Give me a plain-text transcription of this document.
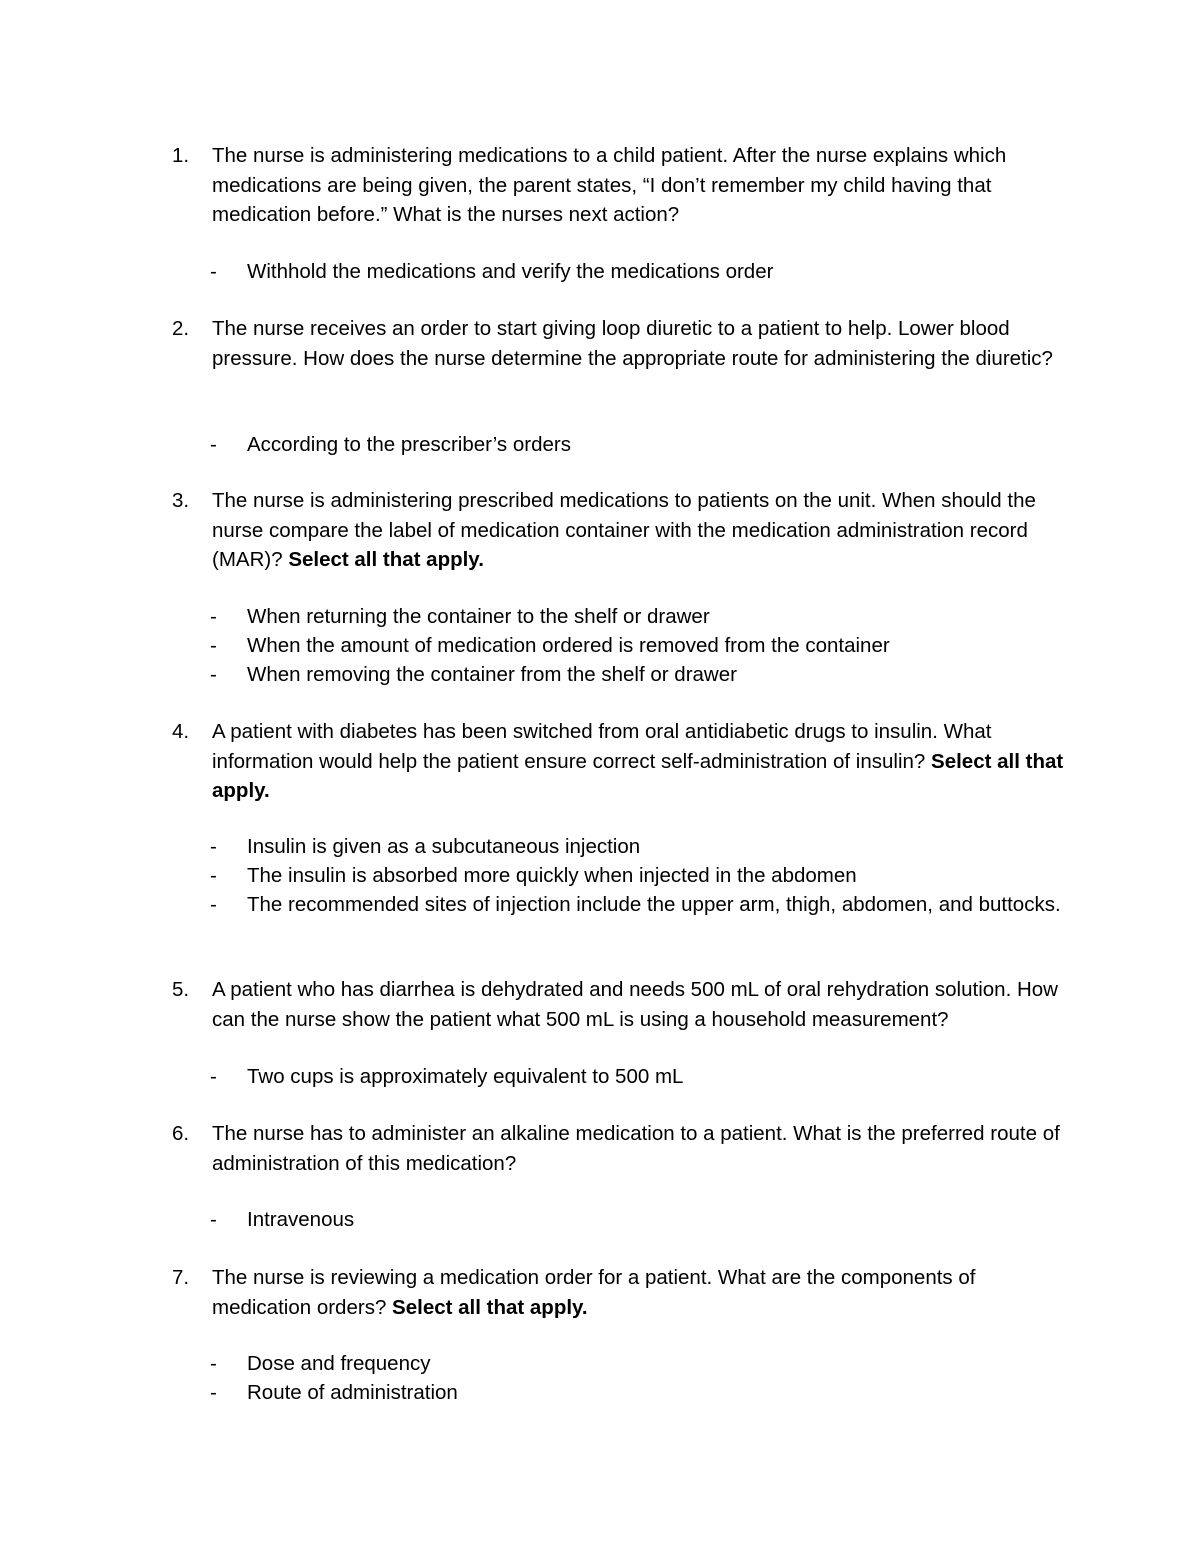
1.	The nurse is administering medications to a child patient. After the nurse explains which medications are being given, the parent states, “I don’t remember my child having that medication before.” What is the nurses next action?
- Withhold the medications and verify the medications order
2.	The nurse receives an order to start giving loop diuretic to a patient to help. Lower blood pressure. How does the nurse determine the appropriate route for administering the diuretic?
- According to the prescriber’s orders
3.	The nurse is administering prescribed medications to patients on the unit. When should the nurse compare the label of medication container with the medication administration record (MAR)? Select all that apply.
- When returning the container to the shelf or drawer
- When the amount of medication ordered is removed from the container
- When removing the container from the shelf or drawer
4.	A patient with diabetes has been switched from oral antidiabetic drugs to insulin. What information would help the patient ensure correct self-administration of insulin? Select all that apply.
- Insulin is given as a subcutaneous injection
- The insulin is absorbed more quickly when injected in the abdomen
- The recommended sites of injection include the upper arm, thigh, abdomen, and buttocks.
5.	A patient who has diarrhea is dehydrated and needs 500 mL of oral rehydration solution. How can the nurse show the patient what 500 mL is using a household measurement?
- Two cups is approximately equivalent to 500 mL
6.	The nurse has to administer an alkaline medication to a patient. What is the preferred route of administration of this medication?
- Intravenous
7.	The nurse is reviewing a medication order for a patient. What are the components of medication orders? Select all that apply.
- Dose and frequency
- Route of administration
